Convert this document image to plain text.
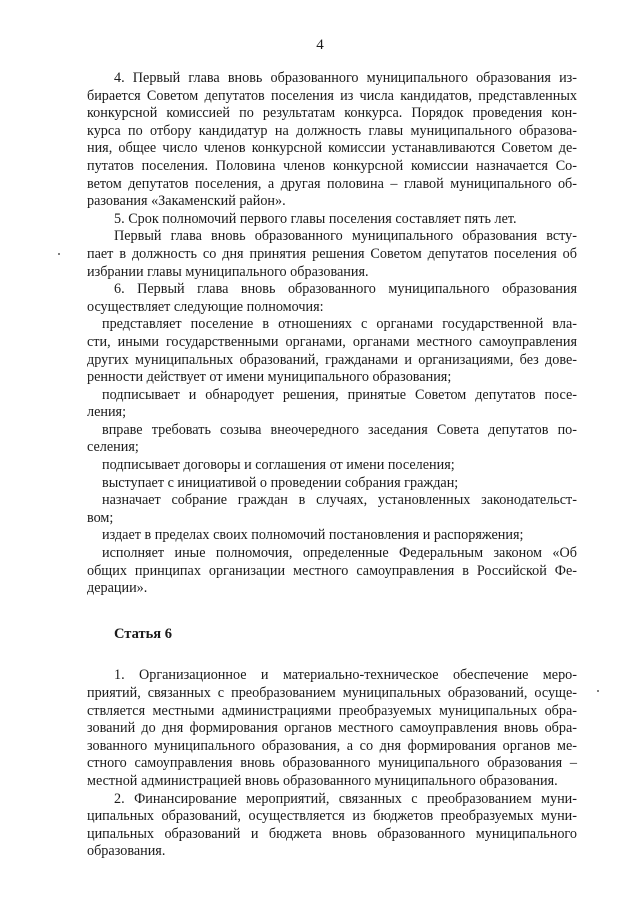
4
4. Первый глава вновь образованного муниципального образования из-
бирается Советом депутатов поселения из числа кандидатов, представленных
конкурсной комиссией по результатам конкурса. Порядок проведения кон-
курса по отбору кандидатур на должность главы муниципального образова-
ния, общее число членов конкурсной комиссии устанавливаются Советом де-
путатов поселения. Половина членов конкурсной комиссии назначается Со-
ветом депутатов поселения, а другая половина – главой муниципального об-
разования «Закаменский район».
5. Срок полномочий первого главы поселения составляет пять лет.
Первый глава вновь образованного муниципального образования всту-
пает в должность со дня принятия решения Советом депутатов поселения об
избрании главы муниципального образования.
6. Первый глава вновь образованного муниципального образования
осуществляет следующие полномочия:
представляет поселение в отношениях с органами государственной вла-
сти, иными государственными органами, органами местного самоуправления
других муниципальных образований, гражданами и организациями, без дове-
ренности действует от имени муниципального образования;
подписывает и обнародует решения, принятые Советом депутатов посе-
ления;
вправе требовать созыва внеочередного заседания Совета депутатов по-
селения;
подписывает договоры и соглашения от имени поселения;
выступает с инициативой о проведении собрания граждан;
назначает собрание граждан в случаях, установленных законодательст-
вом;
издает в пределах своих полномочий постановления и распоряжения;
исполняет иные полномочия, определенные Федеральным законом «Об
общих принципах организации местного самоуправления в Российской Фе-
дерации».
Статья 6
1. Организационное и материально-техническое обеспечение меро-
приятий, связанных с преобразованием муниципальных образований, осуще-
ствляется местными администрациями преобразуемых муниципальных обра-
зований до дня формирования органов местного самоуправления вновь обра-
зованного муниципального образования, а со дня формирования органов ме-
стного самоуправления вновь образованного муниципального образования –
местной администрацией вновь образованного муниципального образования.
2. Финансирование мероприятий, связанных с преобразованием муни-
ципальных образований, осуществляется из бюджетов преобразуемых муни-
ципальных образований и бюджета вновь образованного муниципального
образования.
